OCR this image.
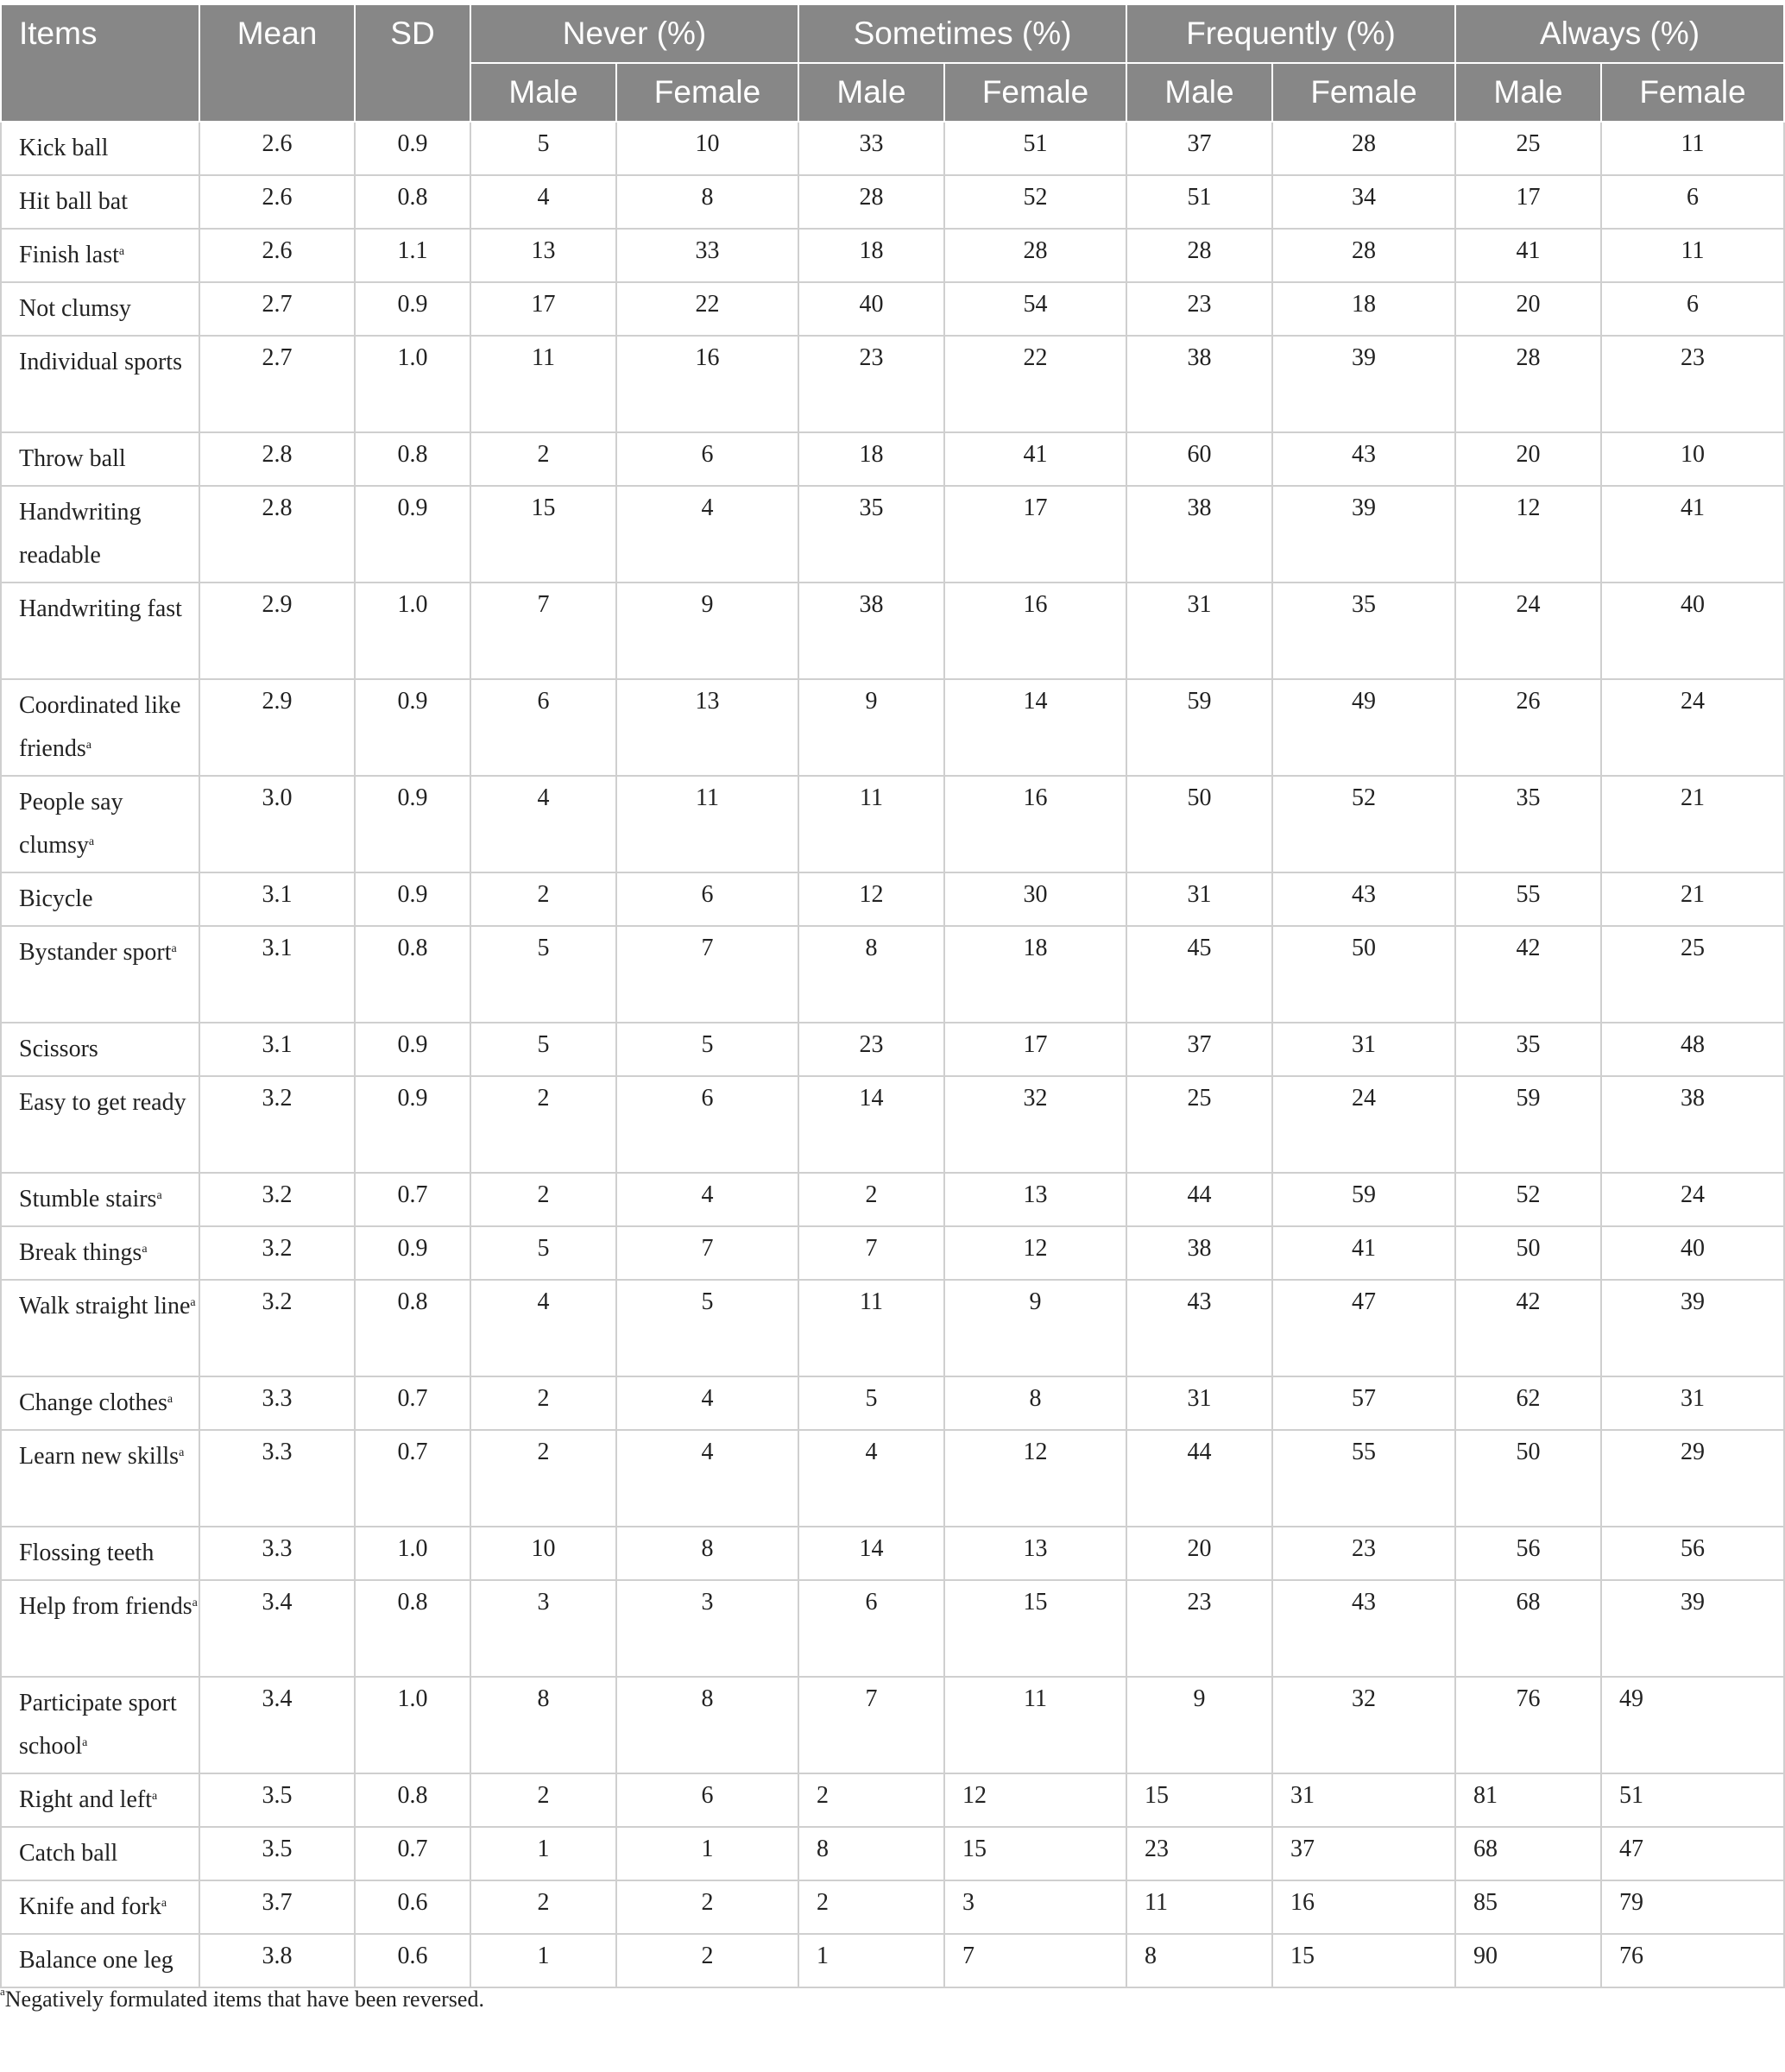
Items	Mean	SD	Never (%)		Sometimes (%)		Frequently (%)		Always (%)	
			Male	Female	Male	Female	Male	Female	Male	Female

Kick ball	2.6	0.9	5	10	33	51	37	28	25	11

Hit ball bat	2.6	0.8	4	8	28	52	51	34	17	6

Finish last$^a$	2.6	1.1	13	33	18	28	28	28	41	11

Not clumsy	2.7	0.9	17	22	40	54	23	18	20	6

Individual sports	2.7	1.0	11	16	23	22	38	39	28	23

Throw ball	2.8	0.8	2	6	18	41	60	43	20	10

Handwriting readable	2.8	0.9	15	4	35	17	38	39	12	41

Handwriting fast	2.9	1.0	7	9	38	16	31	35	24	40

Coordinated like friends$^a$	2.9	0.9	6	13	9	14	59	49	26	24

People say clumsy$^a$	3.0	0.9	4	11	11	16	50	52	35	21

Bicycle	3.1	0.9	2	6	12	30	31	43	55	21

Bystander sport$^a$	3.1	0.8	5	7	8	18	45	50	42	25

Scissors	3.1	0.9	5	5	23	17	37	31	35	48

Easy to get ready	3.2	0.9	2	6	14	32	25	24	59	38

Stumble stairs$^a$	3.2	0.7	2	4	2	13	44	59	52	24

Break things$^a$	3.2	0.9	5	7	7	12	38	41	50	40

Walk straight line$^a$	3.2	0.8	4	5	11	9	43	47	42	39

Change clothes$^a$	3.3	0.7	2	4	5	8	31	57	62	31

Learn new skills$^a$	3.3	0.7	2	4	4	12	44	55	50	29

Flossing teeth	3.3	1.0	10	8	14	13	20	23	56	56

Help from friends$^a$	3.4	0.8	3	3	6	15	23	43	68	39

Participate sport school$^a$	3.4	1.0	8	8	7	11	9	32	76	49

Right and left$^a$	3.5	0.8	2	6	2	12	15	31	81	51

Catch ball	3.5	0.7	1	1	8	15	23	37	68	47

Knife and fork$^a$	3.7	0.6	2	2	2	3	11	16	85	79

Balance one leg	3.8	0.6	1	2	1	7	8	15	90	76
$^a$Negatively formulated items that have been reversed.
